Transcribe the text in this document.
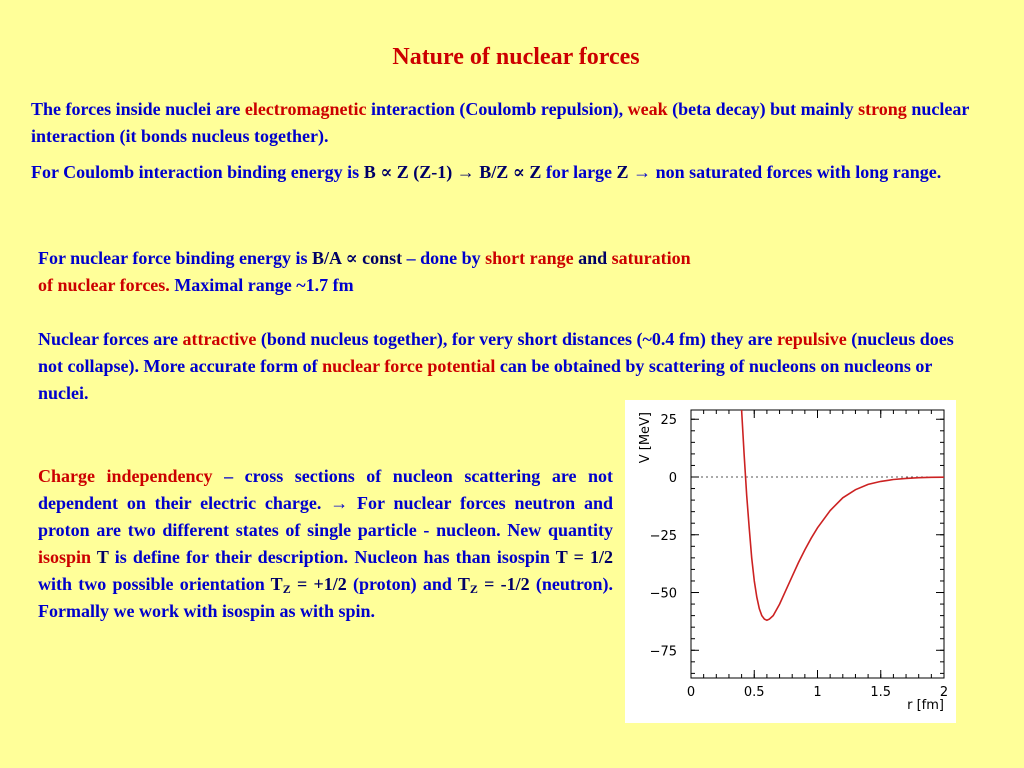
Nature of nuclear forces
The forces inside nuclei are electromagnetic interaction (Coulomb repulsion), weak (beta decay) but mainly strong nuclear interaction (it bonds nucleus together).
For Coulomb interaction binding energy is B ∝ Z (Z-1) → B/Z ∝ Z for large Z → non saturated forces with long range.
For nuclear force binding energy is B/A ∝ const – done by short range and saturation
of nuclear forces. Maximal range ~1.7 fm
Nuclear forces are attractive (bond nucleus together), for very short distances (~0.4 fm) they are repulsive (nucleus does not collapse). More accurate form of nuclear force potential can be obtained by scattering of nucleons on nucleons or nuclei.
Charge independency – cross sections of nucleon scattering are not dependent on their electric charge. → For nuclear forces neutron and proton are two different states of single particle - nucleon. New quantity isospin T is define for their description. Nucleon has than isospin T = 1/2 with two possible orientation $T_Z = +1/2$ (proton) and $T_Z = -1/2$ (neutron). Formally we work with isospin as with spin.
0	0.5	1	1.5	2
25
0
−25
−50
−75
r [fm]
V [MeV]
